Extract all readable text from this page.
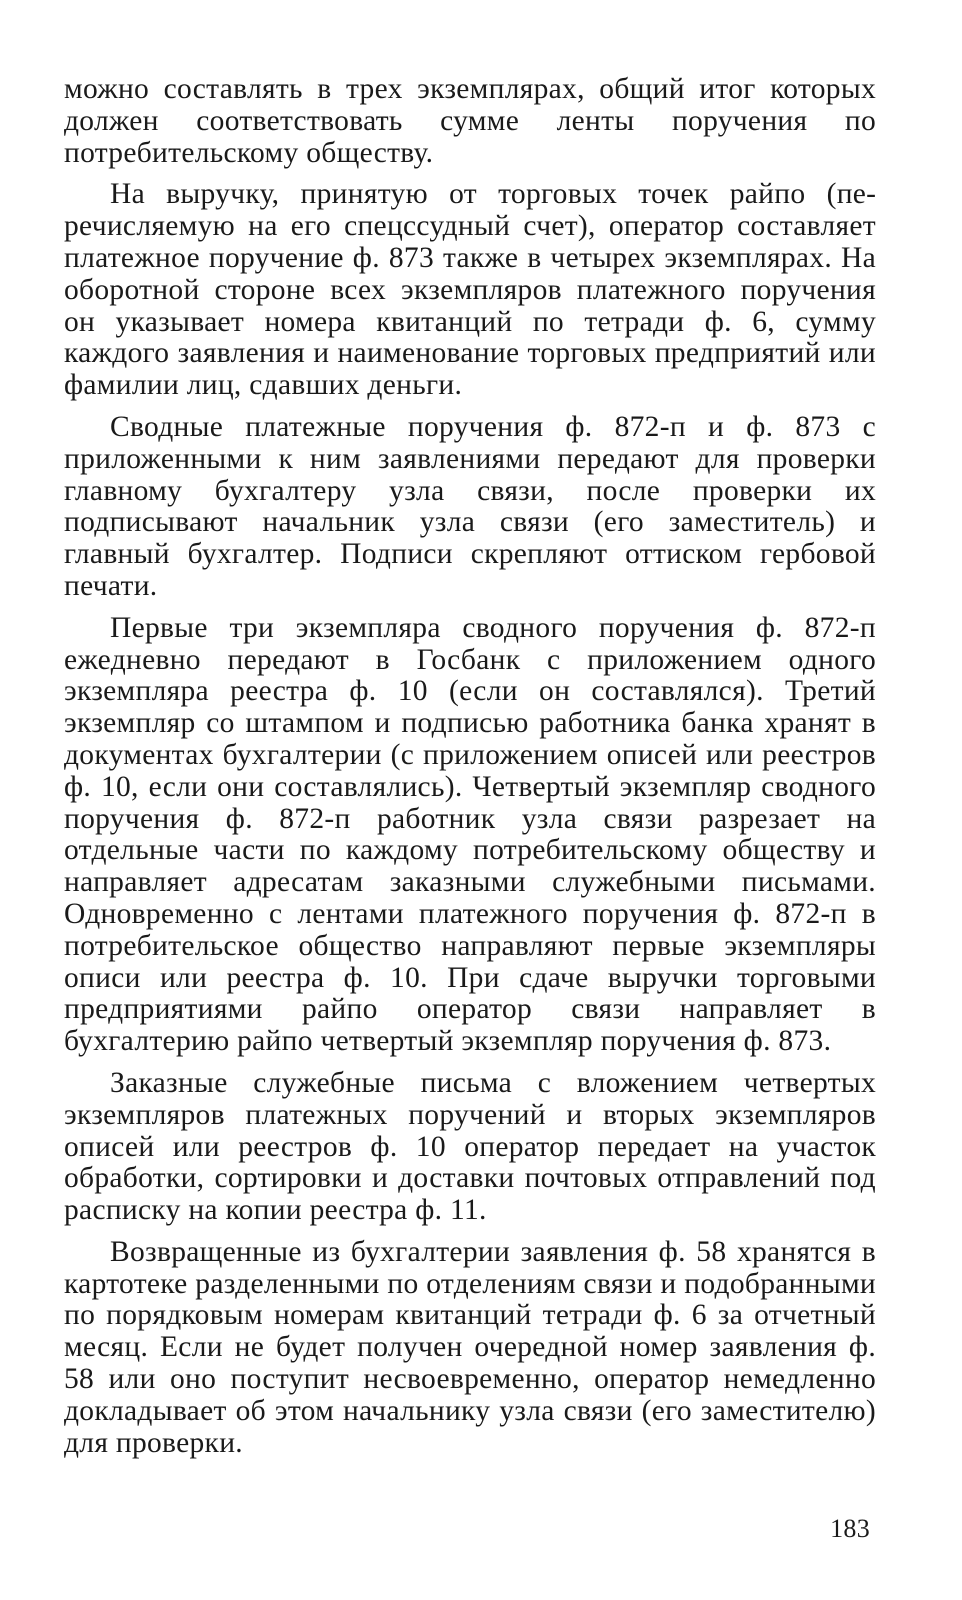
можно составлять в трех экземплярах, общий итог которых должен соответствовать сумме ленты поручения по потребительскому обществу.

На выручку, принятую от торговых точек райпо (перечисляемую на его спецссудный счет), оператор составляет платежное поручение ф. 873 также в четырех экземплярах. На оборотной стороне всех экземпляров платежного поручения он указывает номера квитанций по тетради ф. 6, сумму каждого заявления и наименование торговых предприятий или фамилии лиц, сдавших деньги.

Сводные платежные поручения ф. 872-п и ф. 873 с приложенными к ним заявлениями передают для проверки главному бухгалтеру узла связи, после проверки их подписывают начальник узла связи (его заместитель) и главный бухгалтер. Подписи скрепляют оттиском гербовой печати.

Первые три экземпляра сводного поручения ф. 872-п ежедневно передают в Госбанк с приложением одного экземпляра реестра ф. 10 (если он составлялся). Третий экземпляр со штампом и подписью работника банка хранят в документах бухгалтерии (с приложением описей или реестров ф. 10, если они составлялись). Четвертый экземпляр сводного поручения ф. 872-п работник узла связи разрезает на отдельные части по каждому потребительскому обществу и направляет адресатам заказными служебными письмами. Одновременно с лентами платежного поручения ф. 872-п в потребительское общество направляют первые экземпляры описи или реестра ф. 10. При сдаче выручки торговыми предприятиями райпо оператор связи направляет в бухгалтерию райпо четвертый экземпляр поручения ф. 873.

Заказные служебные письма с вложением четвертых экземпляров платежных поручений и вторых экземпляров описей или реестров ф. 10 оператор передает на участок обработки, сортировки и доставки почтовых отправлений под расписку на копии реестра ф. 11.

Возвращенные из бухгалтерии заявления ф. 58 хранятся в картотеке разделенными по отделениям связи и подобранными по порядковым номерам квитанций тетради ф. 6 за отчетный месяц. Если не будет получен очередной номер заявления ф. 58 или оно поступит несвоевременно, оператор немедленно докладывает об этом начальнику узла связи (его заместителю) для проверки.

183
